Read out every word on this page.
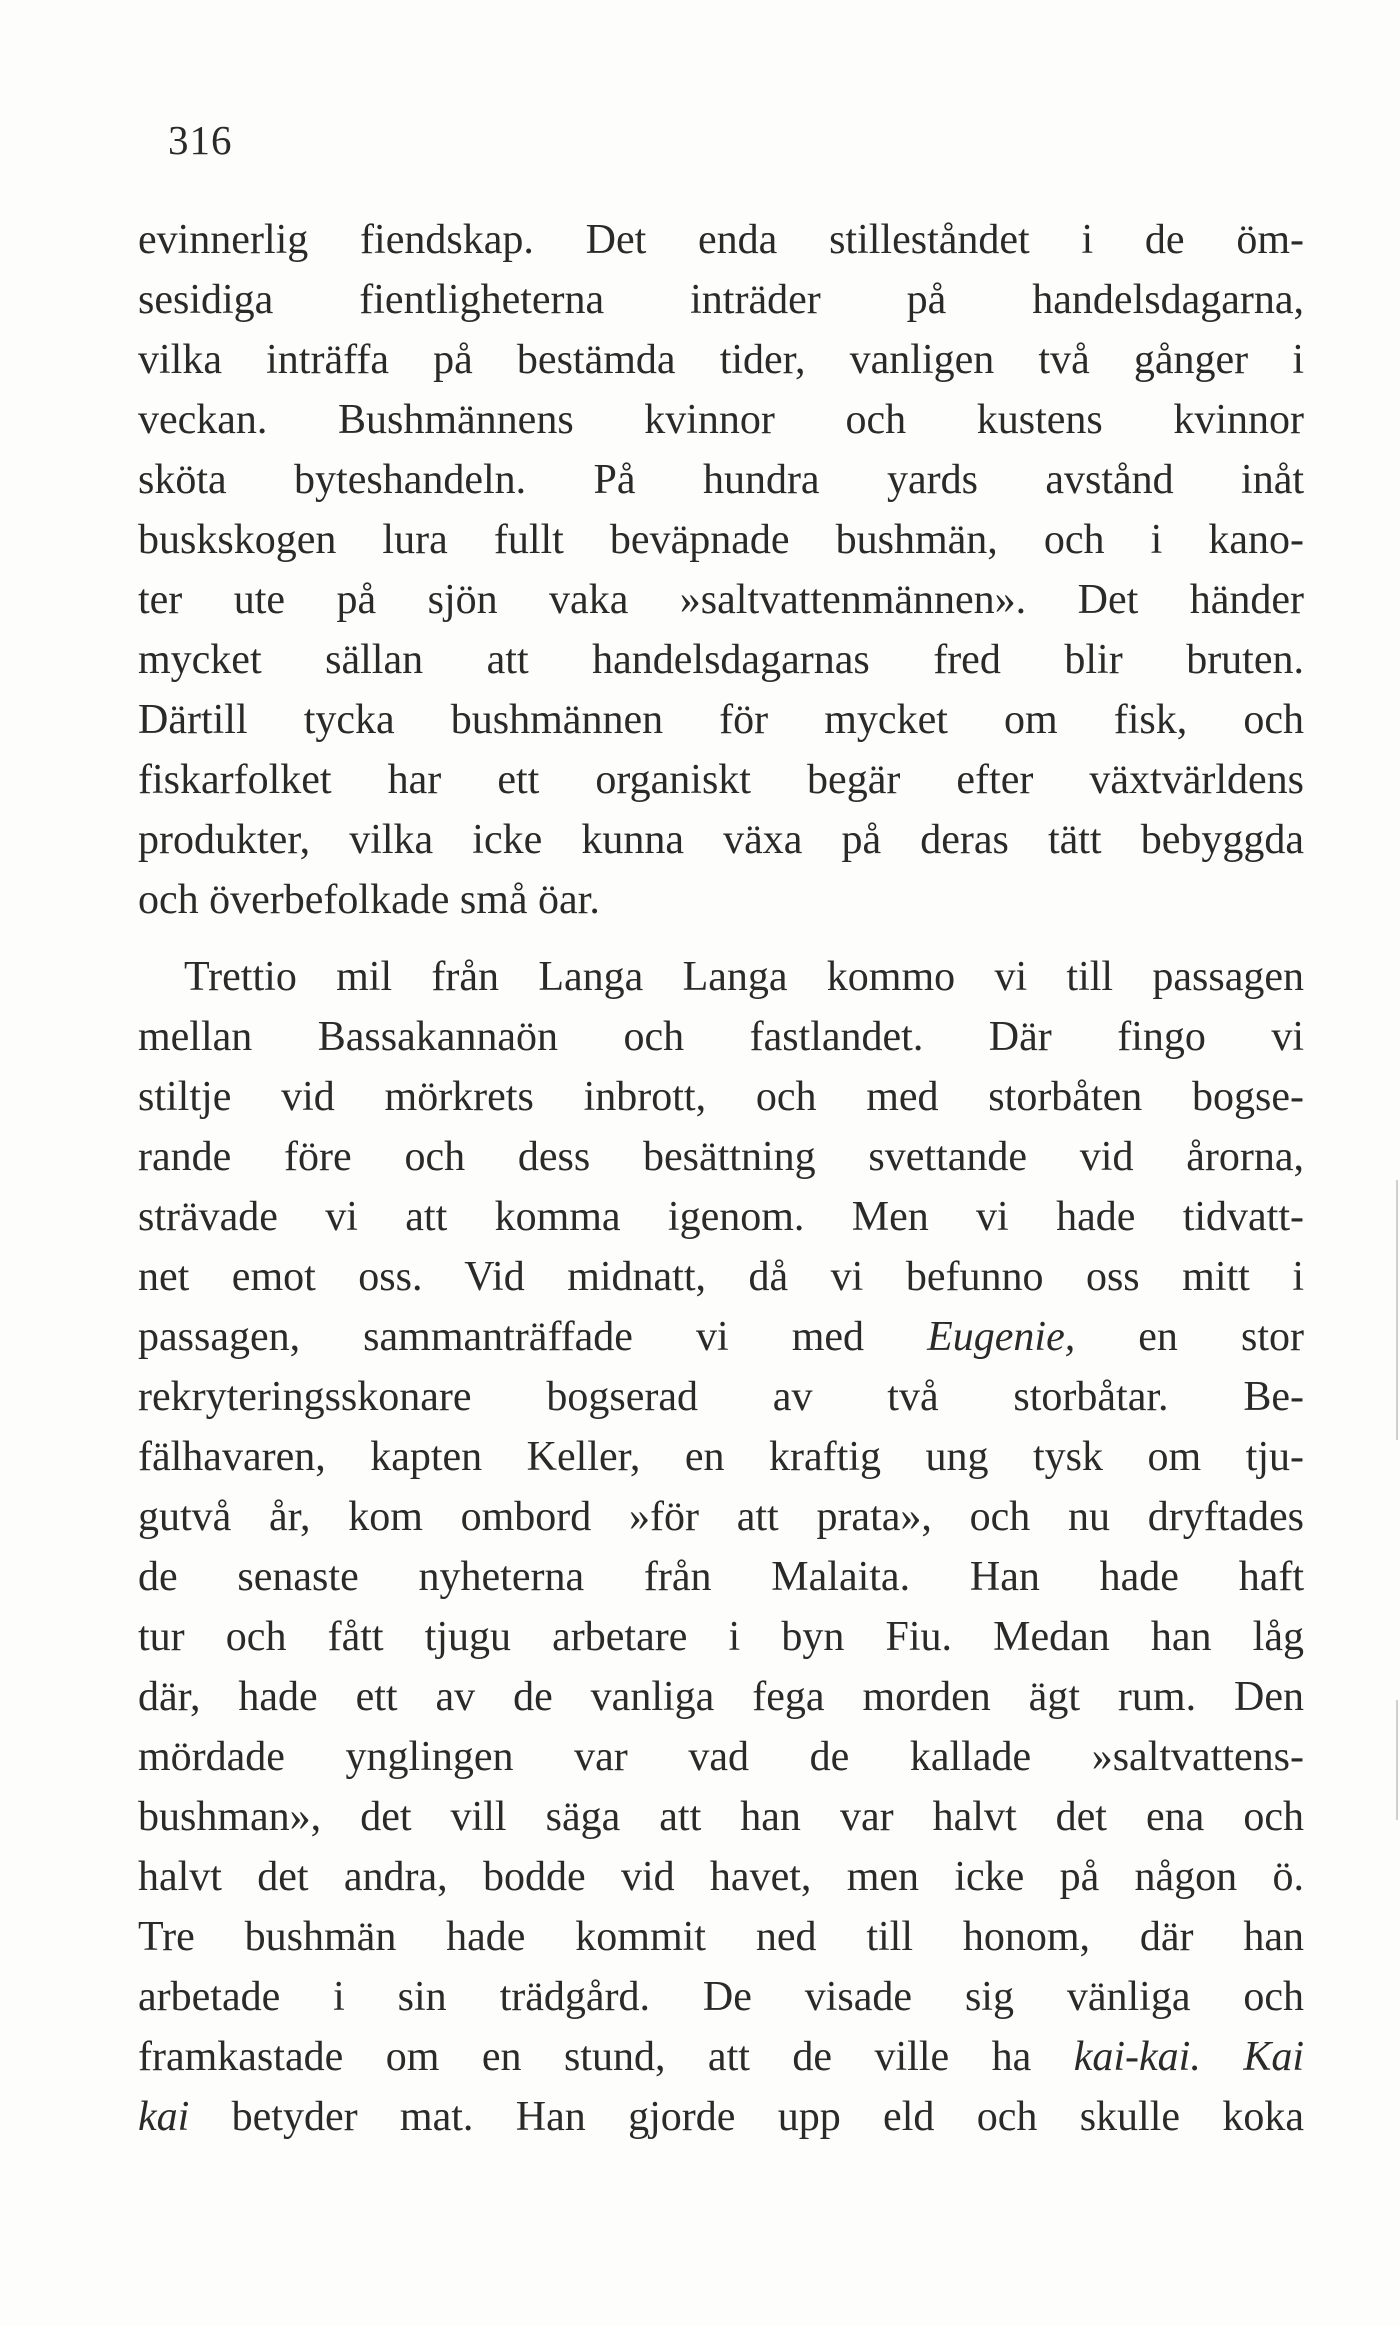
316
evinnerlig fiendskap. Det enda stilleståndet i de öm-
sesidiga fientligheterna inträder på handelsdagarna,
vilka inträffa på bestämda tider, vanligen två gånger i
veckan. Bushmännens kvinnor och kustens kvinnor
sköta byteshandeln. På hundra yards avstånd inåt
buskskogen lura fullt beväpnade bushmän, och i kano-
ter ute på sjön vaka »saltvattenmännen». Det händer
mycket sällan att handelsdagarnas fred blir bruten.
Därtill tycka bushmännen för mycket om fisk, och
fiskarfolket har ett organiskt begär efter växtvärldens
produkter, vilka icke kunna växa på deras tätt bebyggda
och överbefolkade små öar.
Trettio mil från Langa Langa kommo vi till passagen
mellan Bassakannaön och fastlandet. Där fingo vi
stiltje vid mörkrets inbrott, och med storbåten bogse-
rande före och dess besättning svettande vid årorna,
strävade vi att komma igenom. Men vi hade tidvatt-
net emot oss. Vid midnatt, då vi befunno oss mitt i
passagen, sammanträffade vi med Eugenie, en stor
rekryteringsskonare bogserad av två storbåtar. Be-
fälhavaren, kapten Keller, en kraftig ung tysk om tju-
gutvå år, kom ombord »för att prata», och nu dryftades
de senaste nyheterna från Malaita. Han hade haft
tur och fått tjugu arbetare i byn Fiu. Medan han låg
där, hade ett av de vanliga fega morden ägt rum. Den
mördade ynglingen var vad de kallade »saltvattens-
bushman», det vill säga att han var halvt det ena och
halvt det andra, bodde vid havet, men icke på någon ö.
Tre bushmän hade kommit ned till honom, där han
arbetade i sin trädgård. De visade sig vänliga och
framkastade om en stund, att de ville ha kai-kai. Kai
kai betyder mat. Han gjorde upp eld och skulle koka
